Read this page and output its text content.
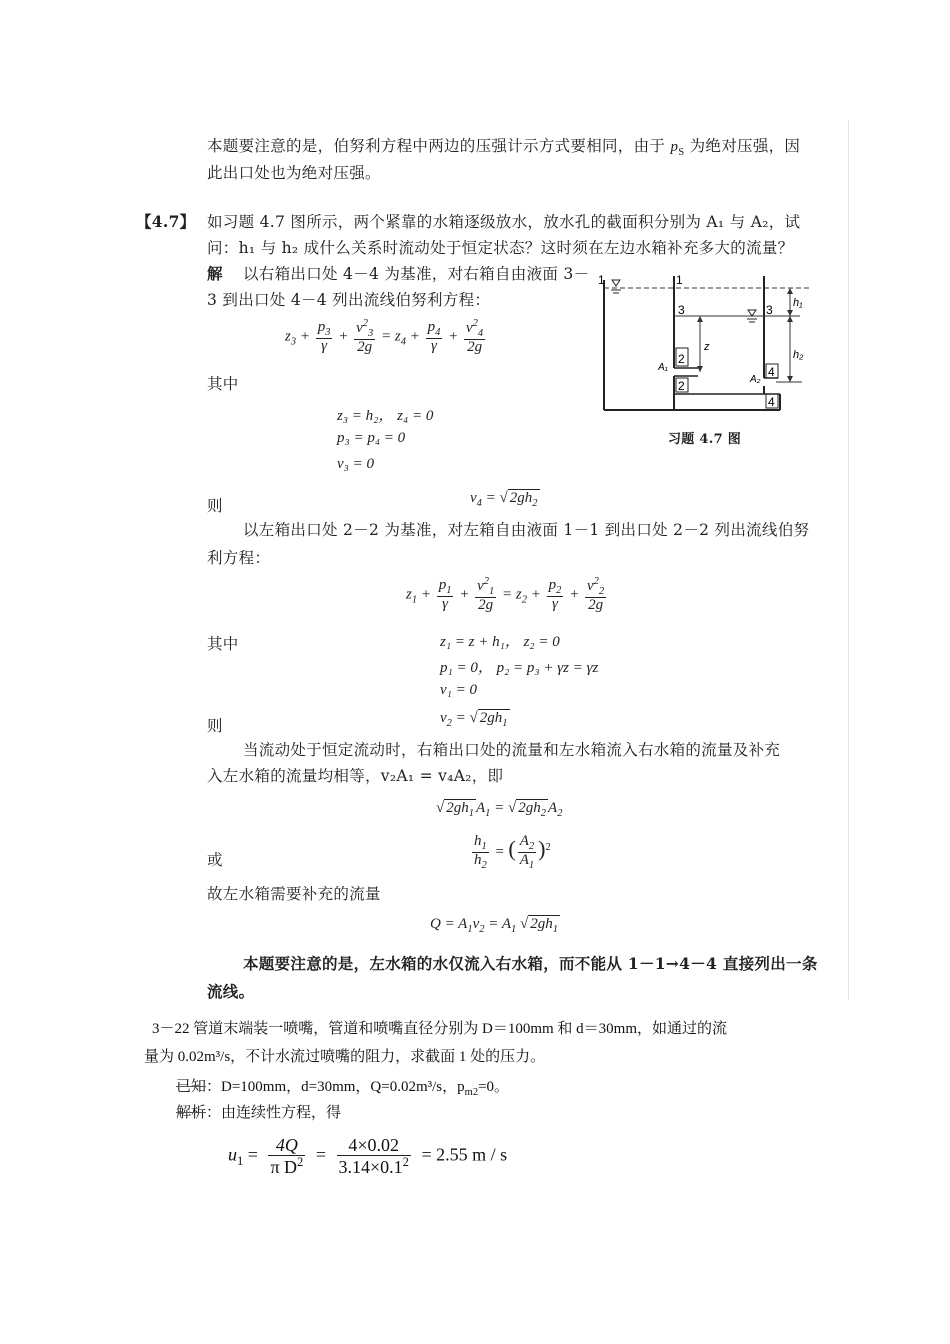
本题要注意的是，伯努利方程中两边的压强计示方式要相同，由于 $p_S$ 为绝对压强，因
此出口处也为绝对压强。
【4.7】 如习题 4.7 图所示，两个紧靠的水箱逐级放水，放水孔的截面积分别为 A₁ 与 A₂，试
问：h₁ 与 h₂ 成什么关系时流动处于恒定状态？这时须在左边水箱补充多大的流量？
解 以右箱出口处 4－4 为基准，对右箱自由液面 3－
3 到出口处 4－4 列出流线伯努利方程：
$z_3 + \frac{p_3}{\gamma} + \frac{v^2_3}{2g} = z_4 + \frac{p_4}{\gamma} + \frac{v^2_4}{2g}$
其中
z₃ = h₂， z₄ = 0
p₃ = p₄ = 0
v₃ = 0
则	$v_4$ = √ $2gh_2$
1	1
3	3
2
2
4
4
h₁
h₂
z
A₁
A₂
习题 4.7 图
以左箱出口处 2－2 为基准，对左箱自由液面 1－1 到出口处 2－2 列出流线伯努
利方程：
$z_1 + \frac{p_1}{\gamma} + \frac{v^2_1}{2g} = z_2 + \frac{p_2}{\gamma} + \frac{v^2_2}{2g}$
其中	z₁ = z + h₁， z₂ = 0
p₁ = 0， p₂ = p₃ + γz = γz
v₁ = 0
则	$v_2$ = √ $2gh_1$
当流动处于恒定流动时，右箱出口处的流量和左水箱流入右水箱的流量及补充
入左水箱的流量均相等，v₂A₁ = v₄A₂，即
√ $2gh_1$ $A_1$ = √ $2gh_2$ $A_2$
或	$\frac{h_1}{h_2}$ = ( $\frac{A_2}{A_1} )^2$
故左水箱需要补充的流量
$Q = A_1v_2 = A_1$ √ $2gh_1$
本题要注意的是，左水箱的水仅流入右水箱，而不能从 1－1→4－4 直接列出一条
流线。
3－22 管道末端装一喷嘴，管道和喷嘴直径分别为 D＝100mm 和 d＝30mm，如通过的流
量为 0.02m³/s，不计水流过喷嘴的阻力，求截面 1 处的压力。
已知：D=100mm，d=30mm，Q=0.02m³/s，$p_{m2}=0$。
解析：由连续性方程，得
$u_1 = \frac{4Q}{\pi D^2} = \frac{4\times 0.02}{3.14\times 0.1^2} = 2.55$ m / s
